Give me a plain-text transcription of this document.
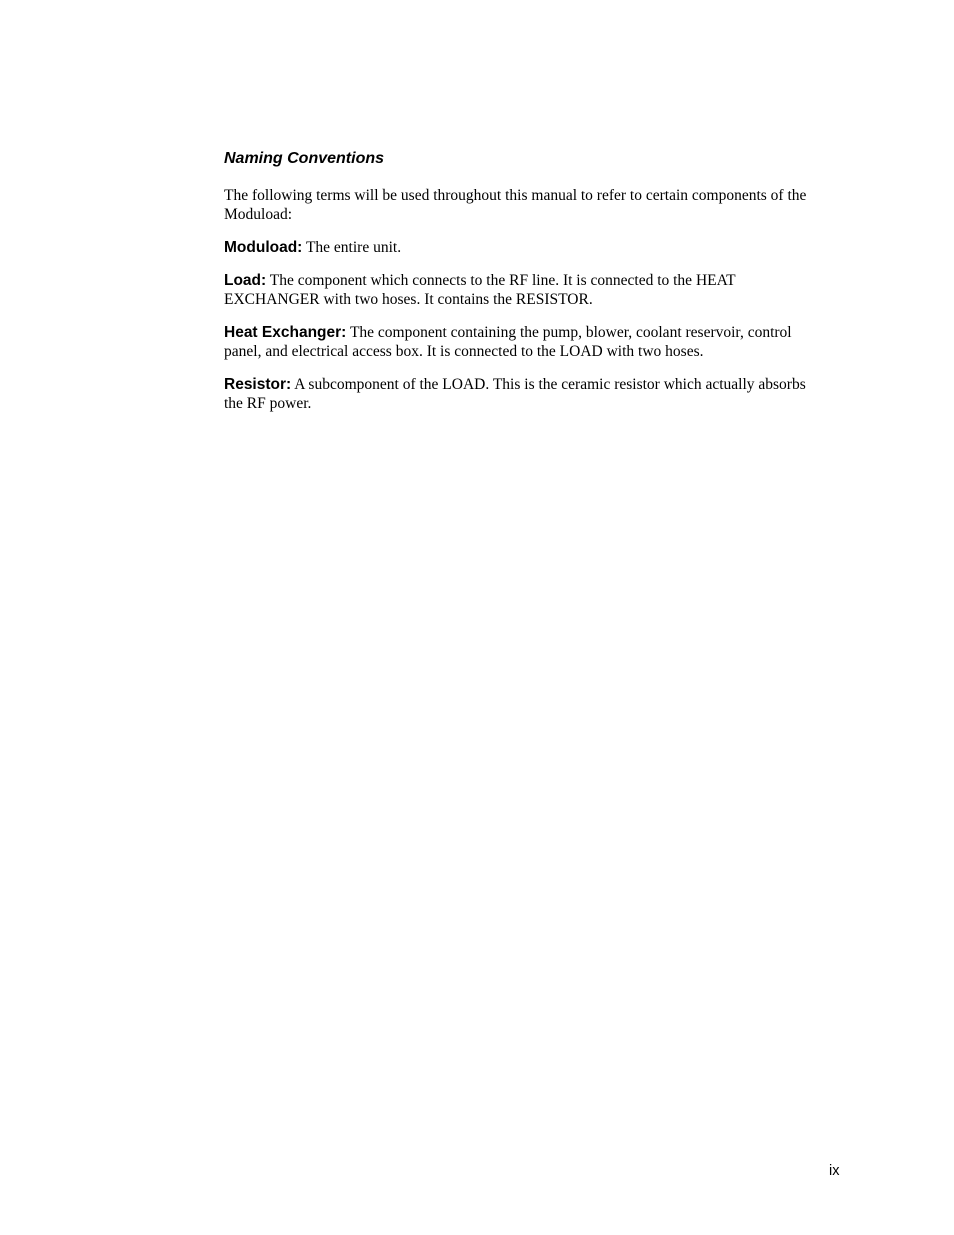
Naming Conventions

The following terms will be used throughout this manual to refer to certain components of the Moduload:

Moduload: The entire unit.

Load: The component which connects to the RF line. It is connected to the HEAT EXCHANGER with two hoses. It contains the RESISTOR.

Heat Exchanger: The component containing the pump, blower, coolant reservoir, control panel, and electrical access box. It is connected to the LOAD with two hoses.

Resistor: A subcomponent of the LOAD. This is the ceramic resistor which actually absorbs the RF power.

ix
